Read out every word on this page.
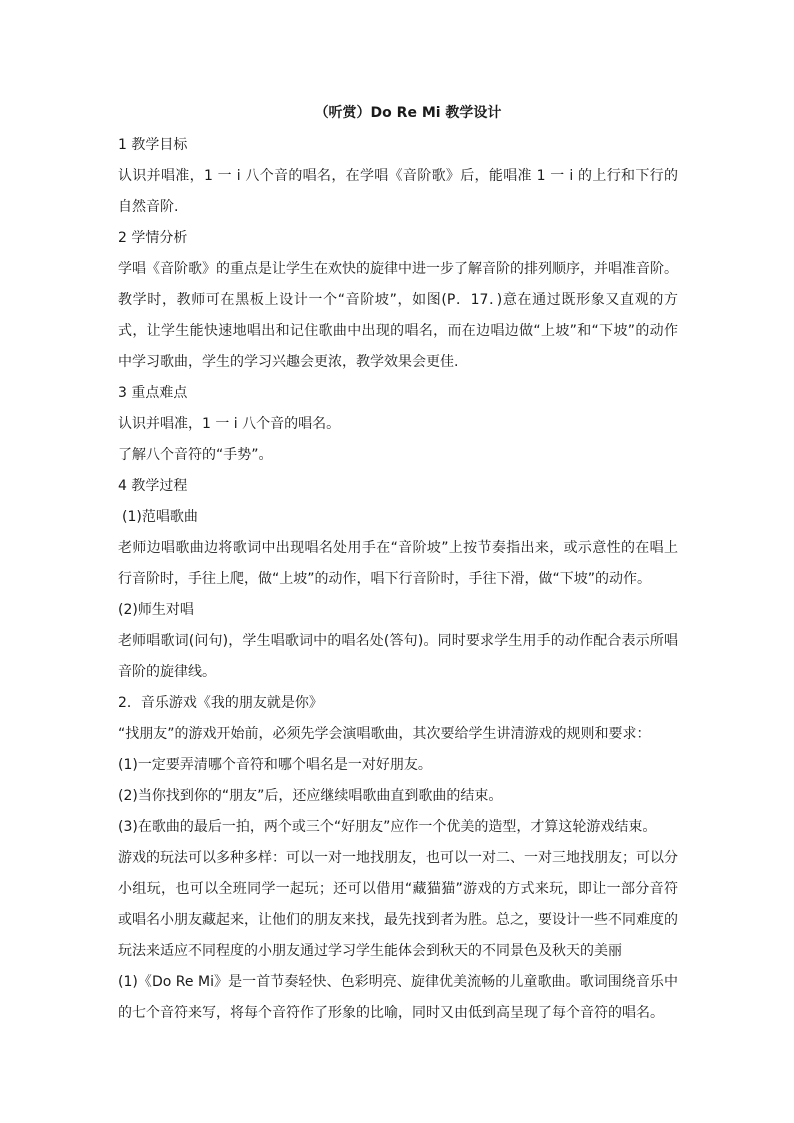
（听赏）Do Re Mi 教学设计
1 教学目标
认识并唱准，1 一 i 八个音的唱名，在学唱《音阶歌》后，能唱准 1 一 i 的上行和下行的自然音阶.
2 学情分析
学唱《音阶歌》的重点是让学生在欢快的旋律中进一步了解音阶的排列顺序，并唱准音阶。教学时，教师可在黑板上设计一个“音阶坡”，如图(P．17．)意在通过既形象又直观的方式，让学生能快速地唱出和记住歌曲中出现的唱名，而在边唱边做“上坡”和“下坡”的动作中学习歌曲，学生的学习兴趣会更浓，教学效果会更佳.
3 重点难点
认识并唱准，1 一 i 八个音的唱名。
了解八个音符的“手势”。
4 教学过程
(1)范唱歌曲
老师边唱歌曲边将歌词中出现唱名处用手在“音阶坡”上按节奏指出来，或示意性的在唱上行音阶时，手往上爬，做“上坡”的动作，唱下行音阶时，手往下滑，做“下坡”的动作。
(2)师生对唱
老师唱歌词(问句)，学生唱歌词中的唱名处(答句)。同时要求学生用手的动作配合表示所唱音阶的旋律线。
2．音乐游戏《我的朋友就是你》
“找朋友”的游戏开始前，必须先学会演唱歌曲，其次要给学生讲清游戏的规则和要求：
(1)一定要弄清哪个音符和哪个唱名是一对好朋友。
(2)当你找到你的“朋友”后，还应继续唱歌曲直到歌曲的结束。
(3)在歌曲的最后一拍，两个或三个“好朋友”应作一个优美的造型，才算这轮游戏结束。
游戏的玩法可以多种多样：可以一对一地找朋友，也可以一对二、一对三地找朋友；可以分小组玩，也可以全班同学一起玩；还可以借用“藏猫猫”游戏的方式来玩，即让一部分音符或唱名小朋友藏起来，让他们的朋友来找，最先找到者为胜。总之，要设计一些不同难度的玩法来适应不同程度的小朋友通过学习学生能体会到秋天的不同景色及秋天的美丽
(1)《Do Re Mi》是一首节奏轻快、色彩明亮、旋律优美流畅的儿童歌曲。歌词围绕音乐中的七个音符来写，将每个音符作了形象的比喻，同时又由低到高呈现了每个音符的唱名。
